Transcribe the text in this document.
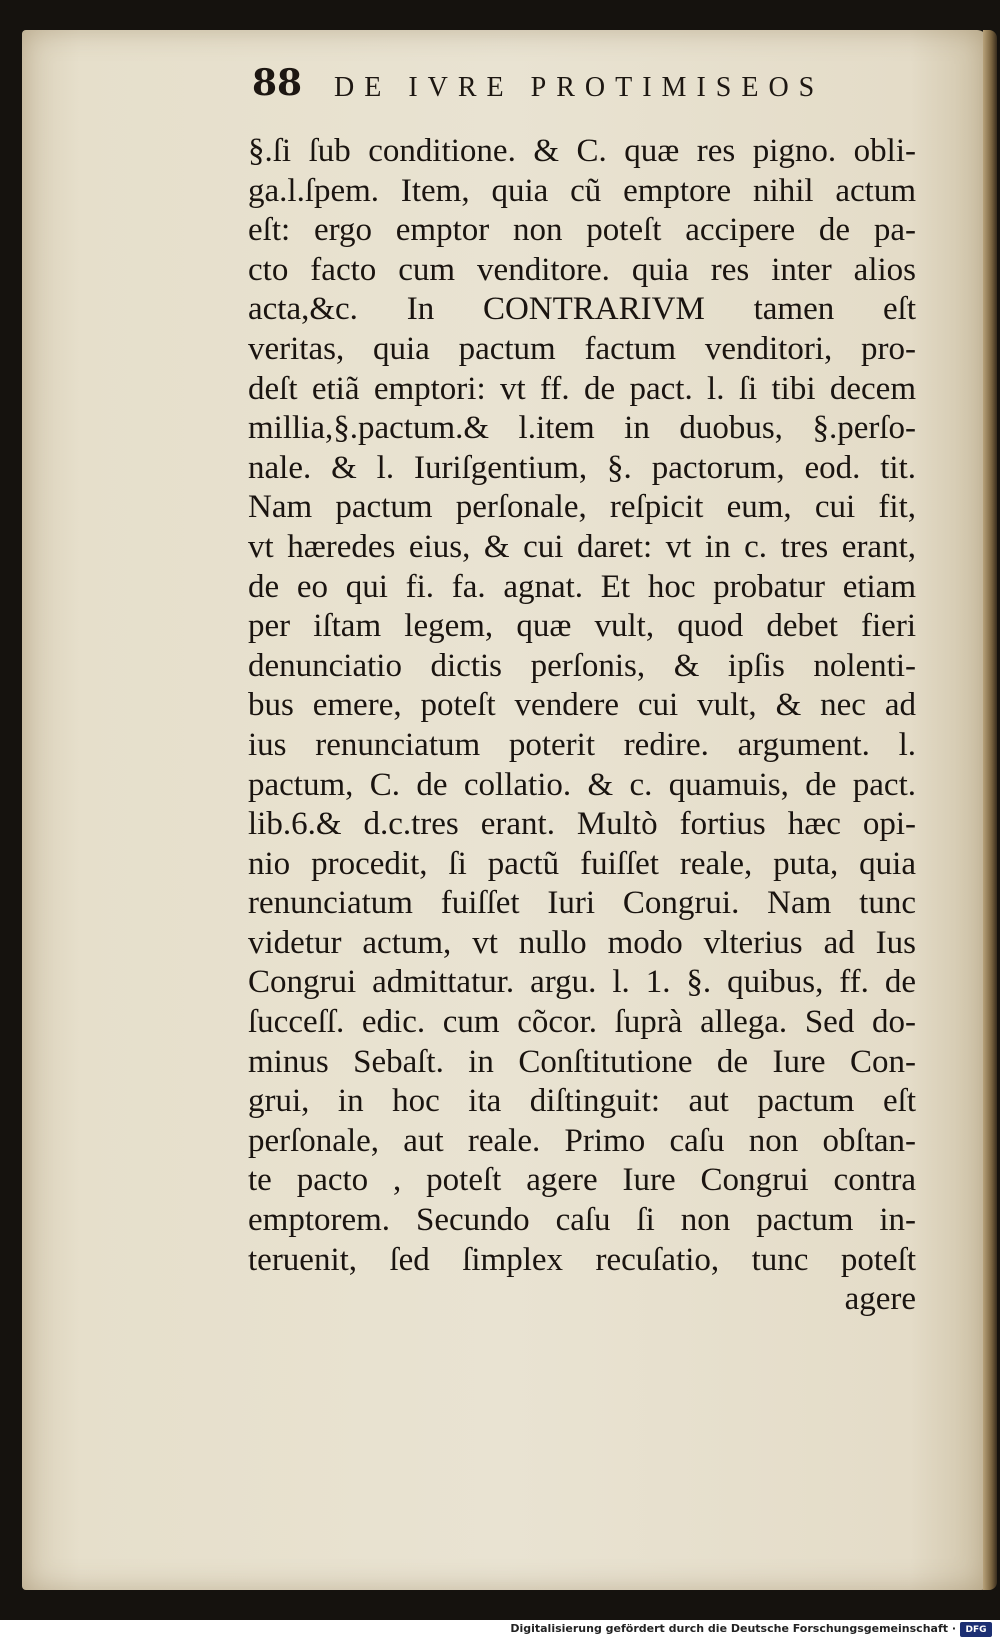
88 DE IVRE PROTIMISEOS
§.ſi ſub conditione. & C. quæ res pigno. obli-
ga.l.ſpem. Item, quia cũ emptore nihil actum
eſt: ergo emptor non poteſt accipere de pa-
cto facto cum venditore. quia res inter alios
acta,&c. In CONTRARIVM tamen eſt
veritas, quia pactum factum venditori, pro-
deſt etiã emptori: vt ff. de pact. l. ſi tibi decem
millia,§.pactum.& l.item in duobus, §.perſo-
nale. & l. Iuriſgentium, §. pactorum, eod. tit.
Nam pactum perſonale, reſpicit eum, cui fit,
vt hæredes eius, & cui daret: vt in c. tres erant,
de eo qui fi. fa. agnat. Et hoc probatur etiam
per iſtam legem, quæ vult, quod debet fieri
denunciatio dictis perſonis, & ipſis nolenti-
bus emere, poteſt vendere cui vult, & nec ad
ius renunciatum poterit redire. argument. l.
pactum, C. de collatio. & c. quamuis, de pact.
lib.6.& d.c.tres erant. Multò fortius hæc opi-
nio procedit, ſi pactũ fuiſſet reale, puta, quia
renunciatum fuiſſet Iuri Congrui. Nam tunc
videtur actum, vt nullo modo vlterius ad Ius
Congrui admittatur. argu. l. 1. §. quibus, ff. de
ſucceſſ. edic. cum cõcor. ſuprà allega. Sed do-
minus Sebaſt. in Conſtitutione de Iure Con-
grui, in hoc ita diſtinguit: aut pactum eſt
perſonale, aut reale. Primo caſu non obſtan-
te pacto , poteſt agere Iure Congrui contra
emptorem. Secundo caſu ſi non pactum in-
teruenit, ſed ſimplex recuſatio, tunc poteſt
agere
Digitalisierung gefördert durch die Deutsche Forschungsgemeinschaft ·	DFG
